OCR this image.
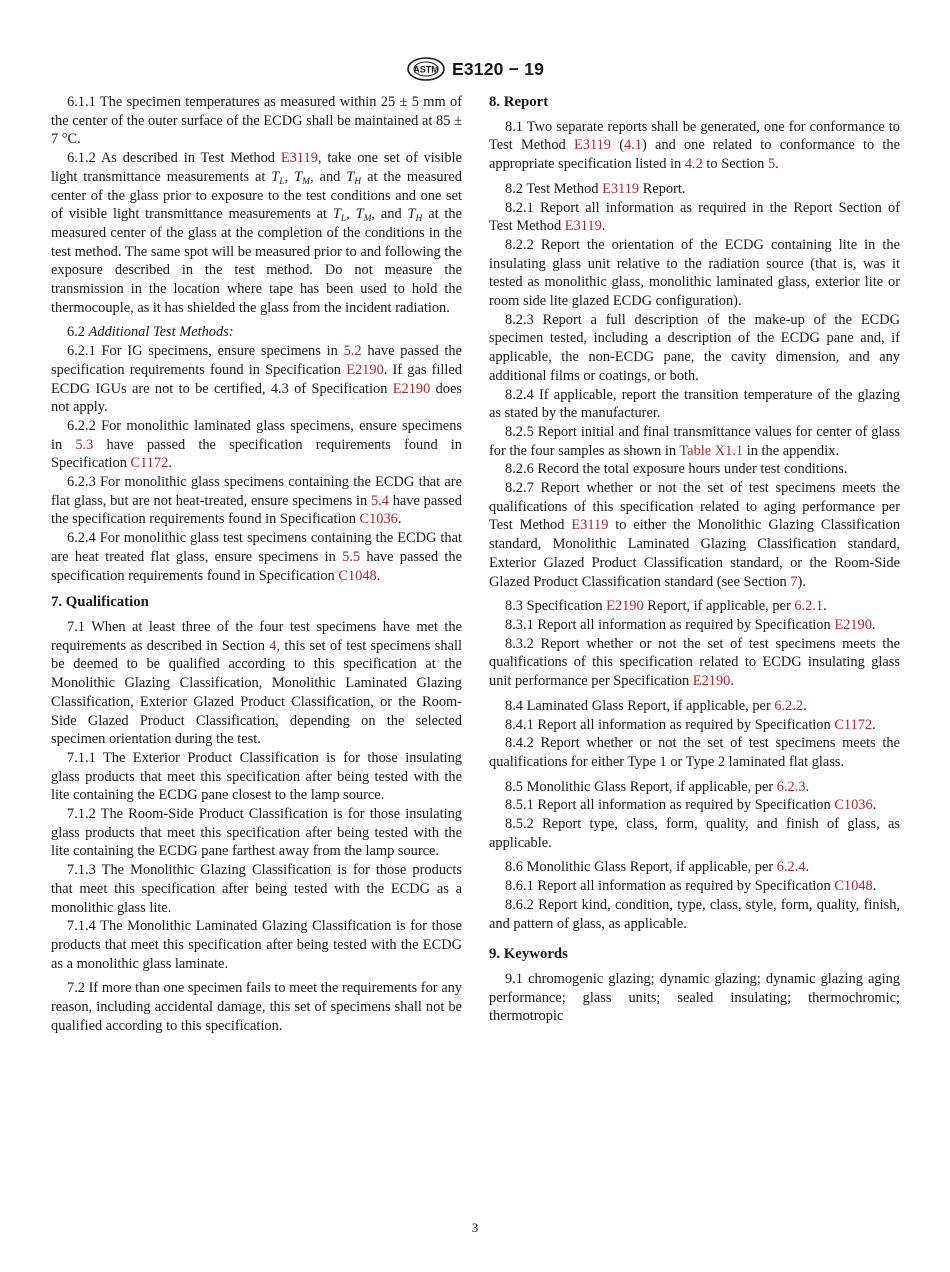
ASTM E3120 − 19

6.1.1 The specimen temperatures as measured within 25 ± 5 mm of the center of the outer surface of the ECDG shall be maintained at 85 ± 7 °C.

6.1.2 As described in Test Method E3119, take one set of visible light transmittance measurements at $T_L$, $T_M$, and $T_H$ at the measured center of the glass prior to exposure to the test conditions and one set of visible light transmittance measurements at $T_L$, $T_M$, and $T_H$ at the measured center of the glass at the completion of the conditions in the test method. The same spot will be measured prior to and following the exposure described in the test method. Do not measure the transmission in the location where tape has been used to hold the thermocouple, as it has shielded the glass from the incident radiation.

6.2 Additional Test Methods:

6.2.1 For IG specimens, ensure specimens in 5.2 have passed the specification requirements found in Specification E2190. If gas filled ECDG IGUs are not to be certified, 4.3 of Specification E2190 does not apply.

6.2.2 For monolithic laminated glass specimens, ensure specimens in 5.3 have passed the specification requirements found in Specification C1172.

6.2.3 For monolithic glass specimens containing the ECDG that are flat glass, but are not heat-treated, ensure specimens in 5.4 have passed the specification requirements found in Specification C1036.

6.2.4 For monolithic glass test specimens containing the ECDG that are heat treated flat glass, ensure specimens in 5.5 have passed the specification requirements found in Specification C1048.

7. Qualification

7.1 When at least three of the four test specimens have met the requirements as described in Section 4, this set of test specimens shall be deemed to be qualified according to this specification at the Monolithic Glazing Classification, Monolithic Laminated Glazing Classification, Exterior Glazed Product Classification, or the Room-Side Glazed Product Classification, depending on the selected specimen orientation during the test.

7.1.1 The Exterior Product Classification is for those insulating glass products that meet this specification after being tested with the lite containing the ECDG pane closest to the lamp source.

7.1.2 The Room-Side Product Classification is for those insulating glass products that meet this specification after being tested with the lite containing the ECDG pane farthest away from the lamp source.

7.1.3 The Monolithic Glazing Classification is for those products that meet this specification after being tested with the ECDG as a monolithic glass lite.

7.1.4 The Monolithic Laminated Glazing Classification is for those products that meet this specification after being tested with the ECDG as a monolithic glass laminate.

7.2 If more than one specimen fails to meet the requirements for any reason, including accidental damage, this set of specimens shall not be qualified according to this specification.

8. Report

8.1 Two separate reports shall be generated, one for conformance to Test Method E3119 (4.1) and one related to conformance to the appropriate specification listed in 4.2 to Section 5.

8.2 Test Method E3119 Report.

8.2.1 Report all information as required in the Report Section of Test Method E3119.

8.2.2 Report the orientation of the ECDG containing lite in the insulating glass unit relative to the radiation source (that is, was it tested as monolithic glass, monolithic laminated glass, exterior lite or room side lite glazed ECDG configuration).

8.2.3 Report a full description of the make-up of the ECDG specimen tested, including a description of the ECDG pane and, if applicable, the non-ECDG pane, the cavity dimension, and any additional films or coatings, or both.

8.2.4 If applicable, report the transition temperature of the glazing as stated by the manufacturer.

8.2.5 Report initial and final transmittance values for center of glass for the four samples as shown in Table X1.1 in the appendix.

8.2.6 Record the total exposure hours under test conditions.

8.2.7 Report whether or not the set of test specimens meets the qualifications of this specification related to aging performance per Test Method E3119 to either the Monolithic Glazing Classification standard, Monolithic Laminated Glazing Classification standard, Exterior Glazed Product Classification standard, or the Room-Side Glazed Product Classification standard (see Section 7).

8.3 Specification E2190 Report, if applicable, per 6.2.1.

8.3.1 Report all information as required by Specification E2190.

8.3.2 Report whether or not the set of test specimens meets the qualifications of this specification related to ECDG insulating glass unit performance per Specification E2190.

8.4 Laminated Glass Report, if applicable, per 6.2.2.

8.4.1 Report all information as required by Specification C1172.

8.4.2 Report whether or not the set of test specimens meets the qualifications for either Type 1 or Type 2 laminated flat glass.

8.5 Monolithic Glass Report, if applicable, per 6.2.3.

8.5.1 Report all information as required by Specification C1036.

8.5.2 Report type, class, form, quality, and finish of glass, as applicable.

8.6 Monolithic Glass Report, if applicable, per 6.2.4.

8.6.1 Report all information as required by Specification C1048.

8.6.2 Report kind, condition, type, class, style, form, quality, finish, and pattern of glass, as applicable.

9. Keywords

9.1 chromogenic glazing; dynamic glazing; dynamic glazing aging performance; glass units; sealed insulating; thermochromic; thermotropic

3
